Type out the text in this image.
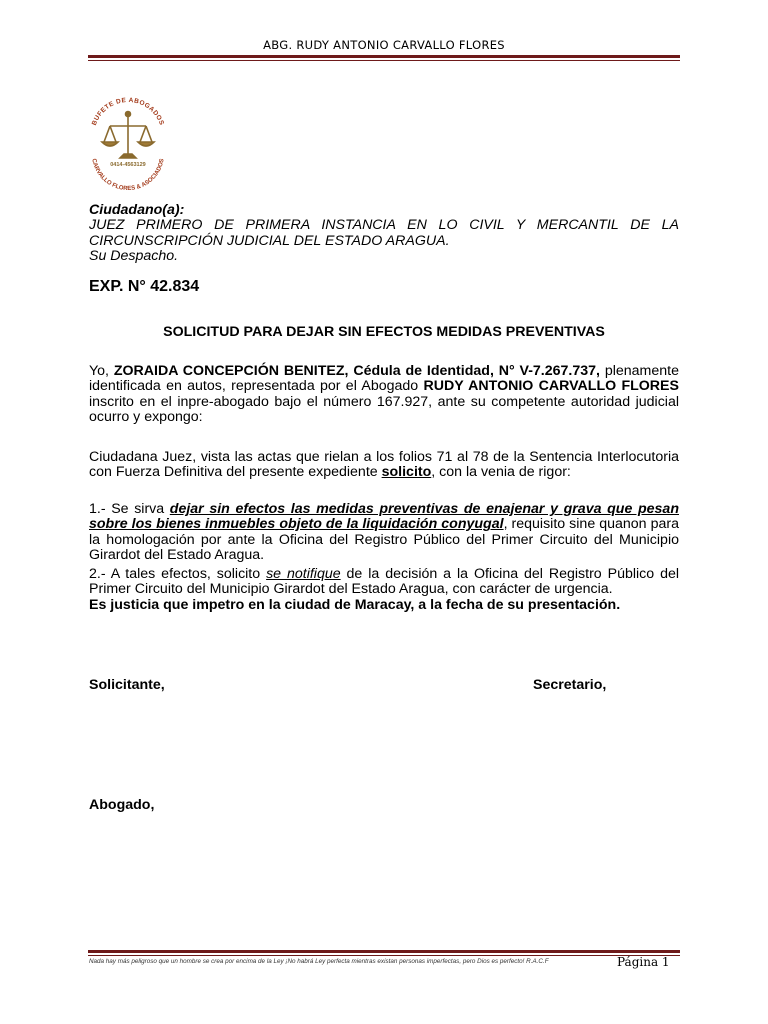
ABG. RUDY ANTONIO CARVALLO FLORES
BUFETE DE ABOGADOS
CARVALLO FLORES & ASOCIADOS
0414-4563129
Ciudadano(a):
JUEZ PRIMERO DE PRIMERA INSTANCIA EN LO CIVIL Y MERCANTIL DE LA
CIRCUNSCRIPCIÓN JUDICIAL DEL ESTADO ARAGUA.
Su Despacho.
EXP. N° 42.834
SOLICITUD PARA DEJAR SIN EFECTOS MEDIDAS PREVENTIVAS
Yo, ZORAIDA CONCEPCIÓN BENITEZ, Cédula de Identidad, N° V-7.267.737, plenamente identificada en autos, representada por el Abogado RUDY ANTONIO CARVALLO FLORES inscrito en el inpre-abogado bajo el número 167.927, ante su competente autoridad judicial ocurro y expongo:
Ciudadana Juez, vista las actas que rielan a los folios 71 al 78 de la Sentencia Interlocutoria con Fuerza Definitiva del presente expediente solicito, con la venia de rigor:
1.- Se sirva dejar sin efectos las medidas preventivas de enajenar y grava que pesan sobre los bienes inmuebles objeto de la liquidación conyugal, requisito sine quanon para la homologación por ante la Oficina del Registro Público del Primer Circuito del Municipio Girardot del Estado Aragua.
2.- A tales efectos, solicito se notifique de la decisión a la Oficina del Registro Público del Primer Circuito del Municipio Girardot del Estado Aragua, con carácter de urgencia.
Es justicia que impetro en la ciudad de Maracay, a la fecha de su presentación.
Solicitante,	Secretario,
Abogado,
Nada hay más peligroso que un hombre se crea por encima de la Ley ¡No habrá Ley perfecta mientras existan personas imperfectas, pero Dios es perfecto! R.A.C.F	Página 1
